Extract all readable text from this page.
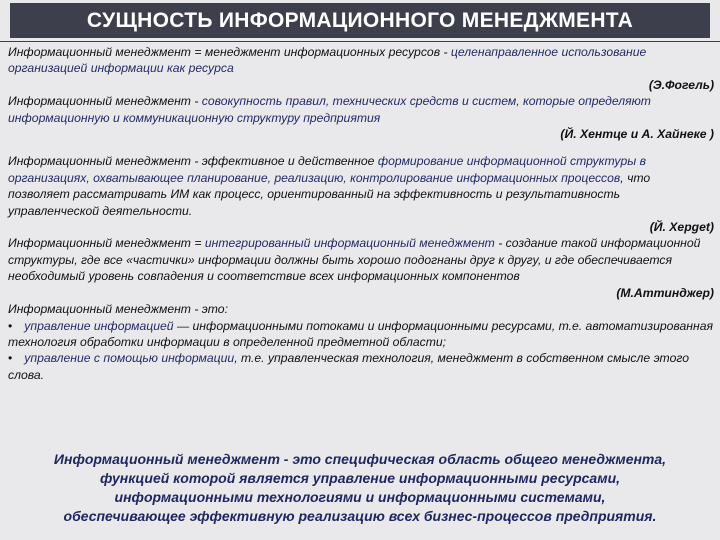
СУЩНОСТЬ ИНФОРМАЦИОННОГО МЕНЕДЖМЕНТА

Информационный менеджмент = менеджмент информационных ресурсов - целенаправленное использование организацией информации как ресурса

(Э.Фогель)

Информационный менеджмент - совокупность правил, технических средств и систем, которые определяют информационную и коммуникационную структуру предприятия

(Й. Хентце и А. Хайнеке )

Информационный менеджмент - эффективное и действенное формирование информационной структуры в организациях, охватывающее планирование, реализацию, контролирование информационных процессов, что позволяет рассматривать ИМ как процесс, ориентированный на эффективность и результативность управленческой деятельности.

(Й. Херget)

Информационный менеджмент = интегрированный информационный менеджмент - создание такой информационной структуры, где все «частички» информации должны быть хорошо подогнаны друг к другу, и где обеспечивается необходимый уровень совпадения и соответствие всех информационных компонентов

(М.Аттинджер)

Информационный менеджмент - это:

• управление информацией — информационными потоками и информационными ресурсами, т.е. автоматизированная технология обработки информации в определенной предметной области;

• управление с помощью информации, т.е. управленческая технология, менеджмент в собственном смысле этого слова.

Информационный менеджмент - это специфическая область общего менеджмента,

функцией которой является управление информационными ресурсами,

информационными технологиями и информационными системами,

обеспечивающее эффективную реализацию всех бизнес-процессов предприятия.
